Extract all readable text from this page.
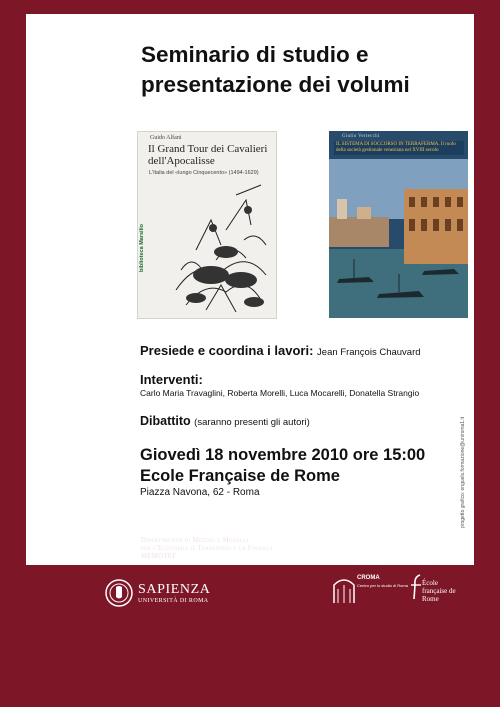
Seminario di studio e
presentazione dei volumi
Guido Alfani
Il Grand Tour dei Cavalieri dell'Apocalisse
L'Italia del «lungo Cinquecento» (1494-1629)
biblioteca Marsilio
Giulio Vertecchi
IL SISTEMA DI SOCCORSO IN TERRAFERMA. Il ruolo della società gestionale veneziana nel XVIII secolo
Presiede e coordina i lavori: Jean François Chauvard
Interventi:
Carlo Maria Travaglini, Roberta Morelli, Luca Mocarelli, Donatella Strangio
Dibattito (saranno presenti gli autori)
Giovedì 18 novembre 2010 ore 15:00
Ecole Française de Rome
Piazza Navona, 62 - Roma	progetto grafico: enguels.formazione@uniroma1.it
Dipartimento di Metodi e Modelli
per l'Economia il Territorio e la Finanza
MEMOTEF
SAPIENZA
UNIVERSITÀ DI ROMA
CROMA
Centro per lo studio di Roma École française de Rome
